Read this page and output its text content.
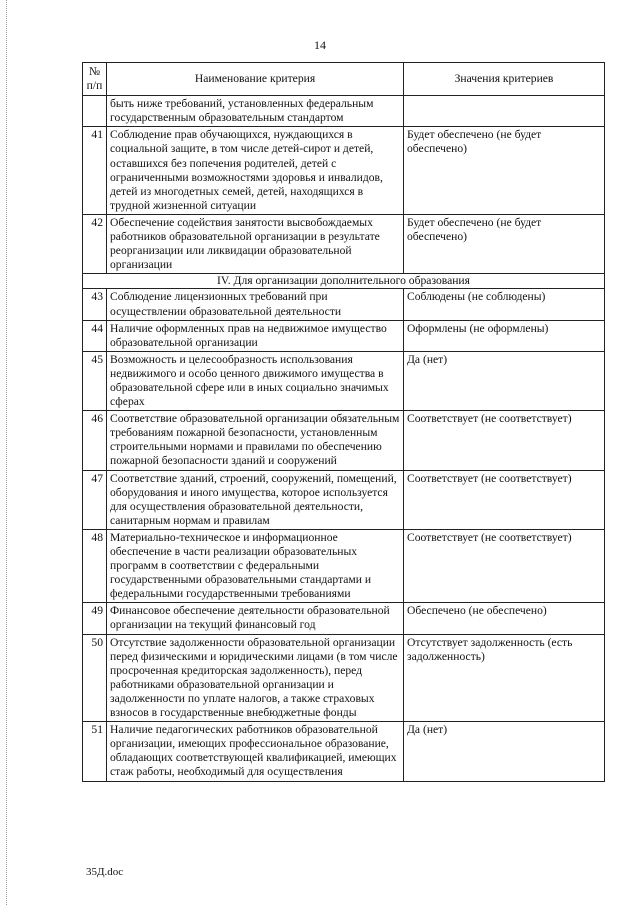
14
№ п/п	Наименование критерия	Значения критериев
	быть ниже требований, установленных федеральным государственным образовательным стандартом	
41	Соблюдение прав обучающихся, нуждающихся в социальной защите, в том числе детей-сирот и детей, оставшихся без попечения родителей, детей с ограниченными возможностями здоровья и инвалидов, детей из многодетных семей, детей, находящихся в трудной жизненной ситуации	Будет обеспечено (не будет обеспечено)
42	Обеспечение содействия занятости высвобождаемых работников образовательной организации в результате реорганизации или ликвидации образовательной организации	Будет обеспечено (не будет обеспечено)
IV. Для организации дополнительного образования		
43	Соблюдение лицензионных требований при осуществлении образовательной деятельности	Соблюдены (не соблюдены)
44	Наличие оформленных прав на недвижимое имущество образовательной организации	Оформлены (не оформлены)
45	Возможность и целесообразность использования недвижимого и особо ценного движимого имущества в образовательной сфере или в иных социально значимых сферах	Да (нет)
46	Соответствие образовательной организации обязательным требованиям пожарной безопасности, установленным строительными нормами и правилами по обеспечению пожарной безопасности зданий и сооружений	Соответствует (не соответствует)
47	Соответствие зданий, строений, сооружений, помещений, оборудования и иного имущества, которое используется для осуществления образовательной деятельности, санитарным нормам и правилам	Соответствует (не соответствует)
48	Материально-техническое и информационное обеспечение в части реализации образовательных программ в соответствии с федеральными государственными образовательными стандартами и федеральными государственными требованиями	Соответствует (не соответствует)
49	Финансовое обеспечение деятельности образовательной организации на текущий финансовый год	Обеспечено (не обеспечено)
50	Отсутствие задолженности образовательной организации перед физическими и юридическими лицами (в том числе просроченная кредиторская задолженность), перед работниками образовательной организации и задолженности по уплате налогов, а также страховых взносов в государственные внебюджетные фонды	Отсутствует задолженность (есть задолженность)
51	Наличие педагогических работников образовательной организации, имеющих профессиональное образование, обладающих соответствующей квалификацией, имеющих стаж работы, необходимый для осуществления	Да (нет)
35Д.doc
